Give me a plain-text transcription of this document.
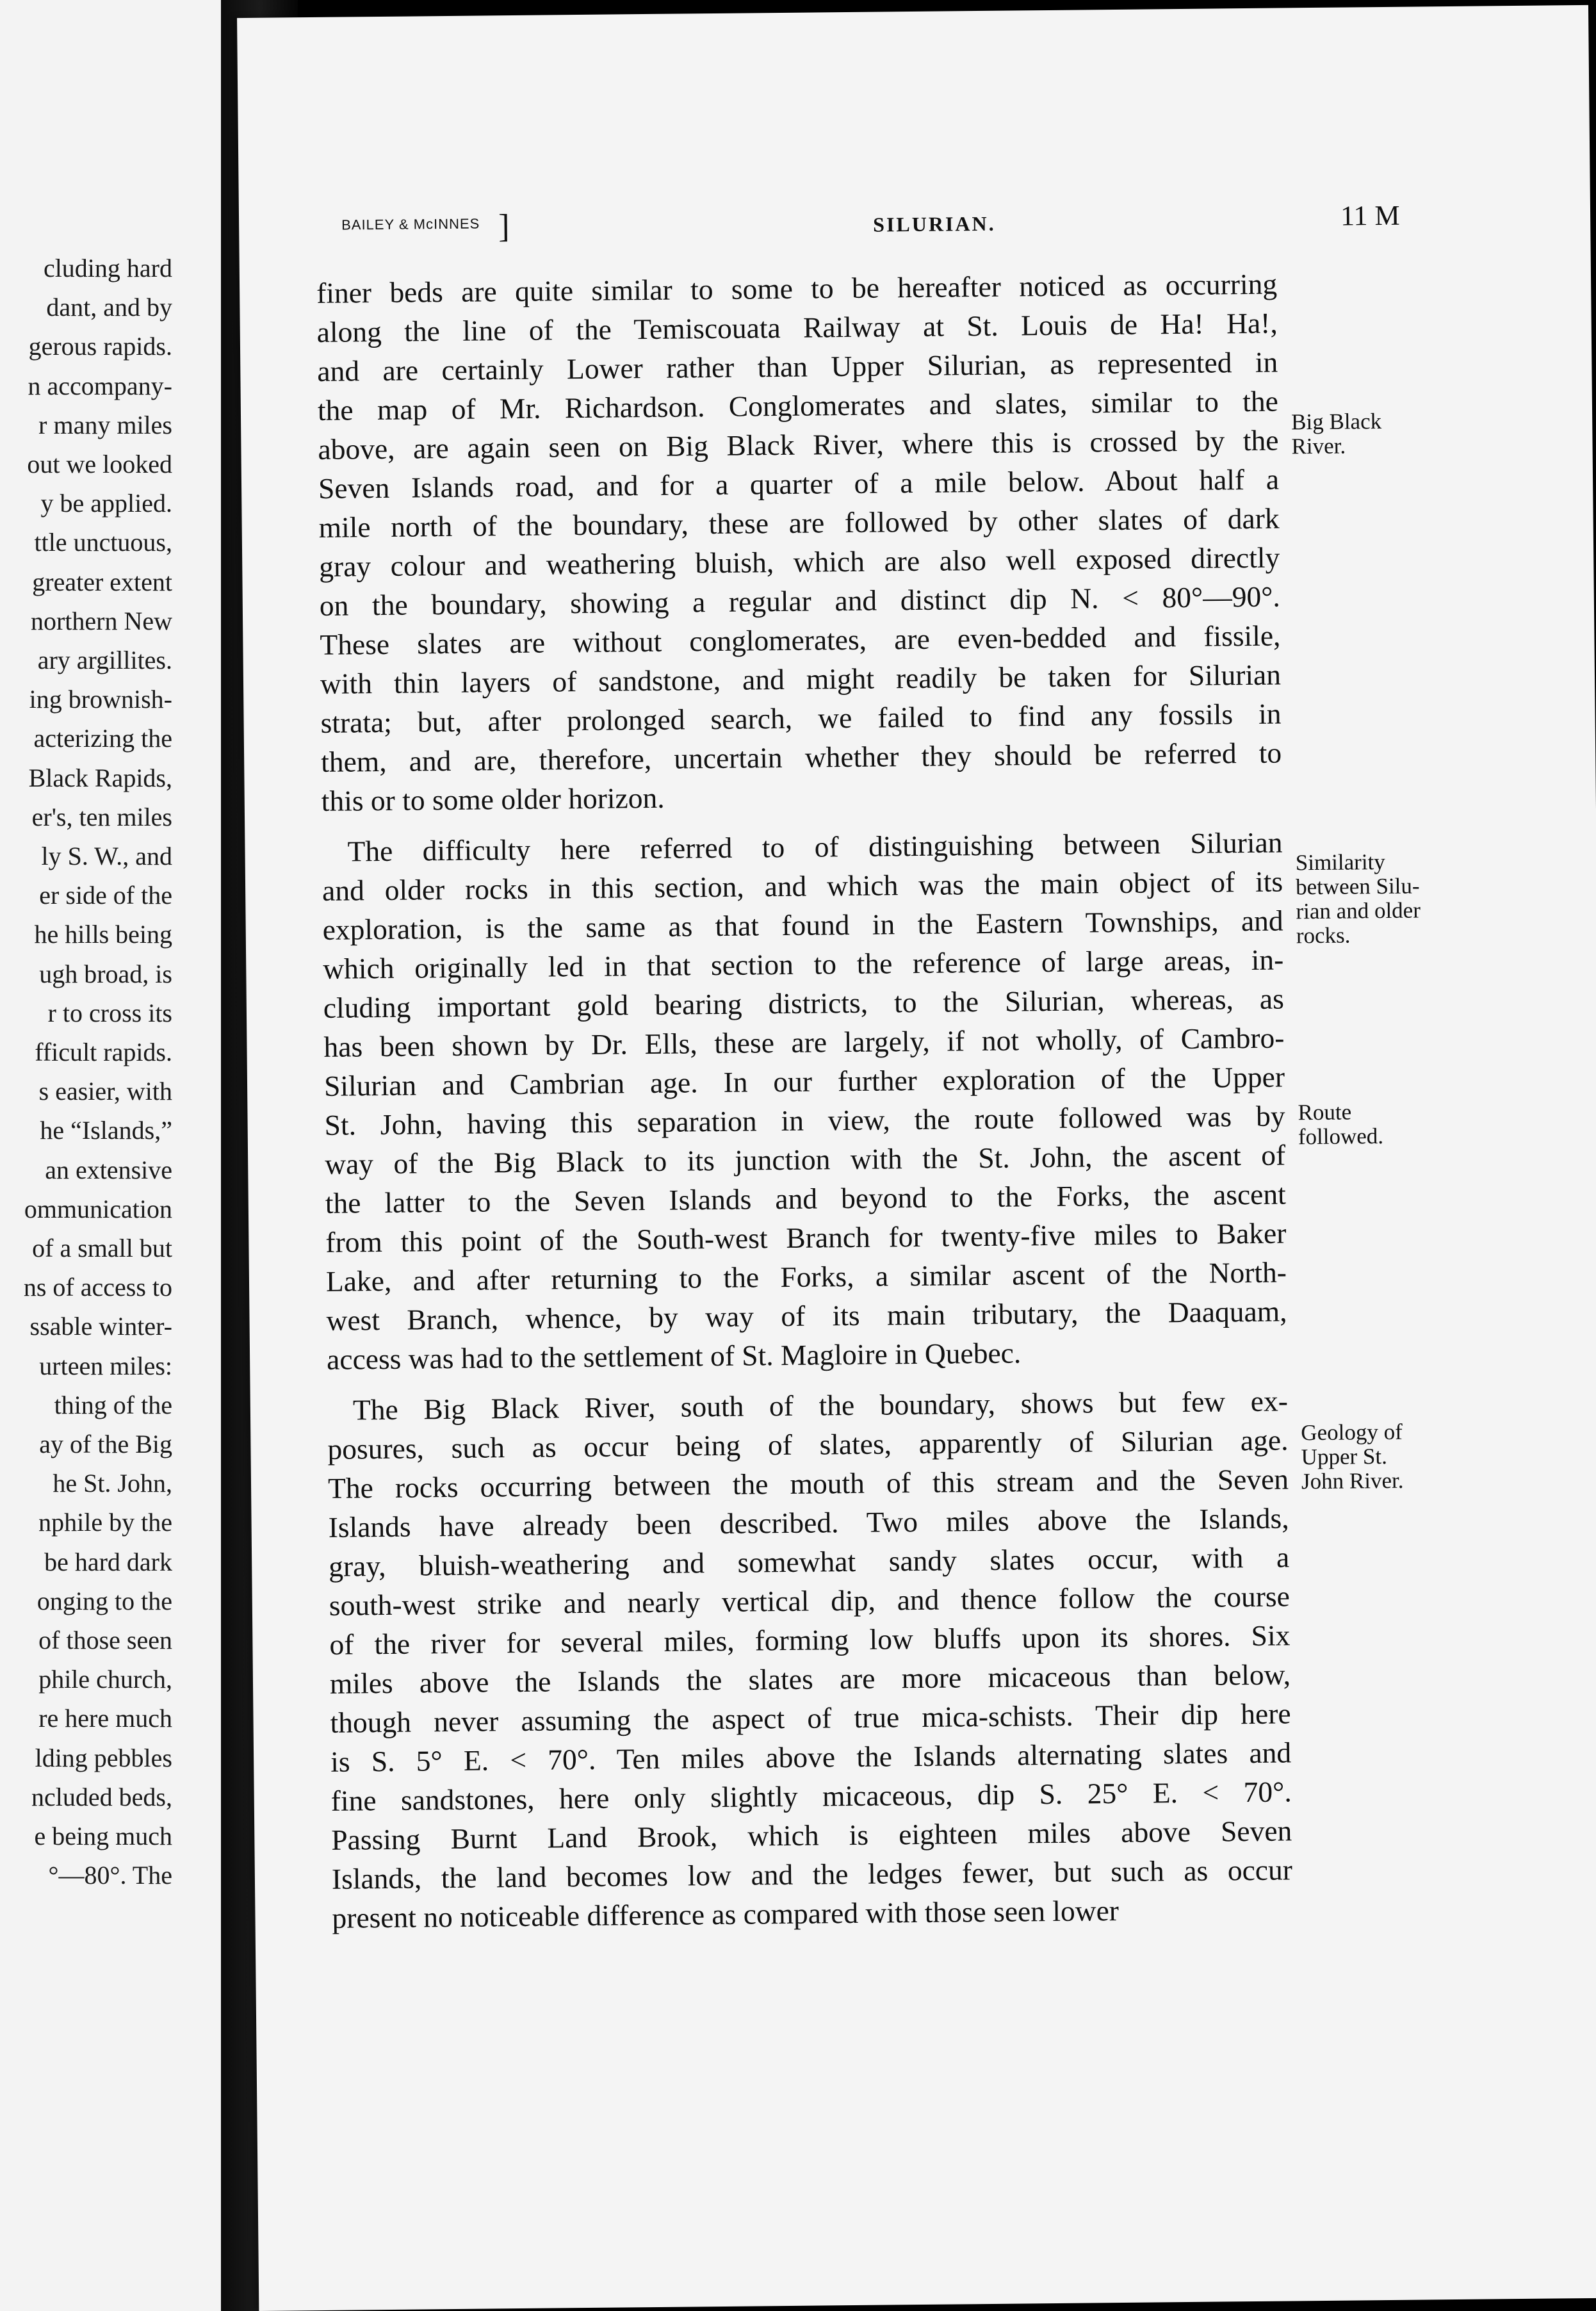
cluding hard
dant, and by
gerous rapids.
n accompany-
r many miles
out we looked
y be applied.
ttle unctuous,
greater extent
northern New
ary argillites.
ing brownish-
acterizing the
Black Rapids,
er's, ten miles
ly S. W., and
er side of the
he hills being
ugh broad, is
r to cross its
fficult rapids.
s easier, with
he “Islands,”
an extensive
ommunication
of a small but
ns of access to
ssable winter-
urteen miles:
thing of the
ay of the Big
he St. John,
nphile by the
be hard dark
onging to the
of those seen
phile church,
re here much
lding pebbles
ncluded beds,
e being much
°—80°. The
BAILEY & McINNES ]	SILURIAN.	11 M
finer beds are quite similar to some to be hereafter noticed as occurring
along the line of the Temiscouata Railway at St. Louis de Ha! Ha!,
and are certainly Lower rather than Upper Silurian, as represented in
the map of Mr. Richardson. Conglomerates and slates, similar to the
above, are again seen on Big Black River, where this is crossed by the
Seven Islands road, and for a quarter of a mile below. About half a
mile north of the boundary, these are followed by other slates of dark
gray colour and weathering bluish, which are also well exposed directly
on the boundary, showing a regular and distinct dip N. < 80°—90°.
These slates are without conglomerates, are even-bedded and fissile,
with thin layers of sandstone, and might readily be taken for Silurian
strata; but, after prolonged search, we failed to find any fossils in
them, and are, therefore, uncertain whether they should be referred to
this or to some older horizon.
The difficulty here referred to of distinguishing between Silurian
and older rocks in this section, and which was the main object of its
exploration, is the same as that found in the Eastern Townships, and
which originally led in that section to the reference of large areas, in-
cluding important gold bearing districts, to the Silurian, whereas, as
has been shown by Dr. Ells, these are largely, if not wholly, of Cambro-
Silurian and Cambrian age. In our further exploration of the Upper
St. John, having this separation in view, the route followed was by
way of the Big Black to its junction with the St. John, the ascent of
the latter to the Seven Islands and beyond to the Forks, the ascent
from this point of the South-west Branch for twenty-five miles to Baker
Lake, and after returning to the Forks, a similar ascent of the North-
west Branch, whence, by way of its main tributary, the Daaquam,
access was had to the settlement of St. Magloire in Quebec.
The Big Black River, south of the boundary, shows but few ex-
posures, such as occur being of slates, apparently of Silurian age.
The rocks occurring between the mouth of this stream and the Seven
Islands have already been described. Two miles above the Islands,
gray, bluish-weathering and somewhat sandy slates occur, with a
south-west strike and nearly vertical dip, and thence follow the course
of the river for several miles, forming low bluffs upon its shores. Six
miles above the Islands the slates are more micaceous than below,
though never assuming the aspect of true mica-schists. Their dip here
is S. 5° E. < 70°. Ten miles above the Islands alternating slates and
fine sandstones, here only slightly micaceous, dip S. 25° E. < 70°.
Passing Burnt Land Brook, which is eighteen miles above Seven
Islands, the land becomes low and the ledges fewer, but such as occur
present no noticeable difference as compared with those seen lower
Big Black
River.
Similarity
between Silu-
rian and older
rocks.
Route
followed.
Geology of
Upper St.
John River.
